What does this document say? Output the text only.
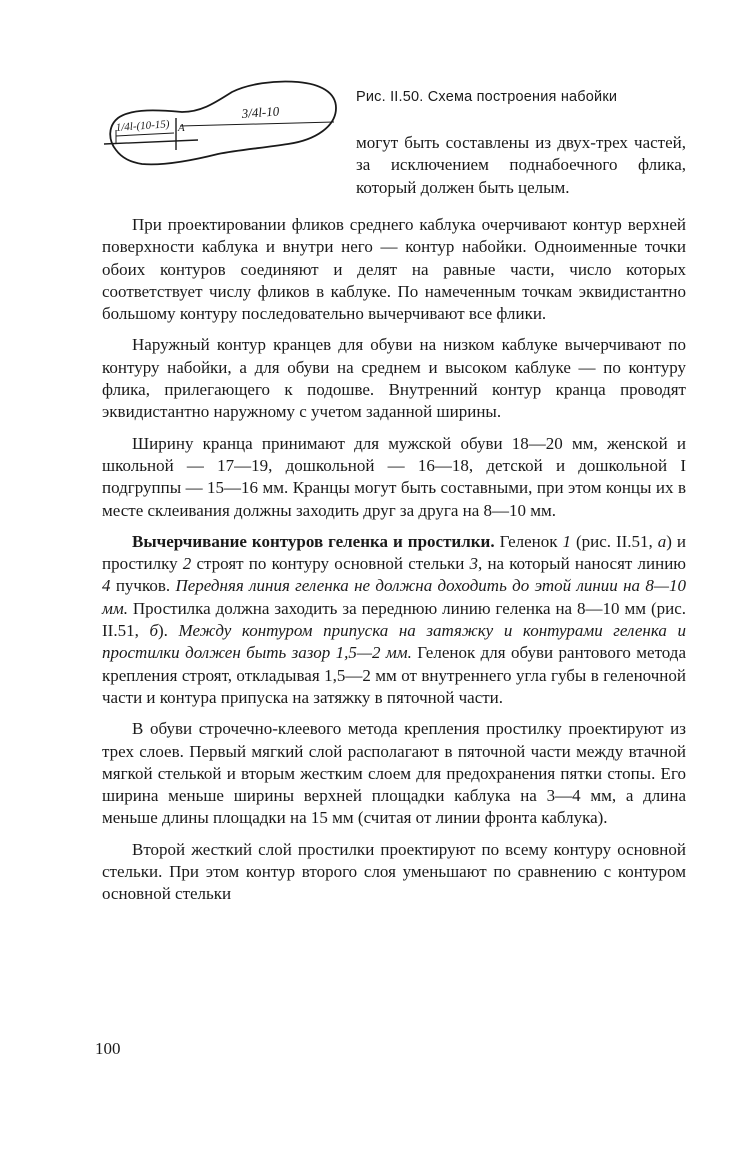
3/4l-10
1/4l-(10-15) A
Рис. II.50. Схема построения набойки
могут быть составлены из двух-трех частей, за исключением поднабоечного флика, который должен быть целым.

При проектировании фликов среднего каблука очерчивают контур верхней поверхности каблука и внутри него — контур набойки. Одноименные точки обоих контуров соединяют и делят на равные части, число которых соответствует числу фликов в каблуке. По намеченным точкам эквидистантно большому контуру последовательно вычерчивают все флики.

Наружный контур кранцев для обуви на низком каблуке вычерчивают по контуру набойки, а для обуви на среднем и высоком каблуке — по контуру флика, прилегающего к подошве. Внутренний контур кранца проводят эквидистантно наружному с учетом заданной ширины.

Ширину кранца принимают для мужской обуви 18—20 мм, женской и школьной — 17—19, дошкольной — 16—18, детской и дошкольной I подгруппы — 15—16 мм. Кранцы могут быть составными, при этом концы их в месте склеивания должны заходить друг за друга на 8—10 мм.

Вычерчивание контуров геленка и простилки. Геленок 1 (рис. II.51, а) и простилку 2 строят по контуру основной стельки 3, на который наносят линию 4 пучков. Передняя линия геленка не должна доходить до этой линии на 8—10 мм. Простилка должна заходить за переднюю линию геленка на 8—10 мм (рис. II.51, б). Между контуром припуска на затяжку и контурами геленка и простилки должен быть зазор 1,5—2 мм. Геленок для обуви рантового метода крепления строят, откладывая 1,5—2 мм от внутреннего угла губы в геленочной части и контура припуска на затяжку в пяточной части.

В обуви строчечно-клеевого метода крепления простилку проектируют из трех слоев. Первый мягкий слой располагают в пяточной части между втачной мягкой стелькой и вторым жестким слоем для предохранения пятки стопы. Его ширина меньше ширины верхней площадки каблука на 3—4 мм, а длина меньше длины площадки на 15 мм (считая от линии фронта каблука).

Второй жесткий слой простилки проектируют по всему контуру основной стельки. При этом контур второго слоя уменьшают по сравнению с контуром основной стельки

100
